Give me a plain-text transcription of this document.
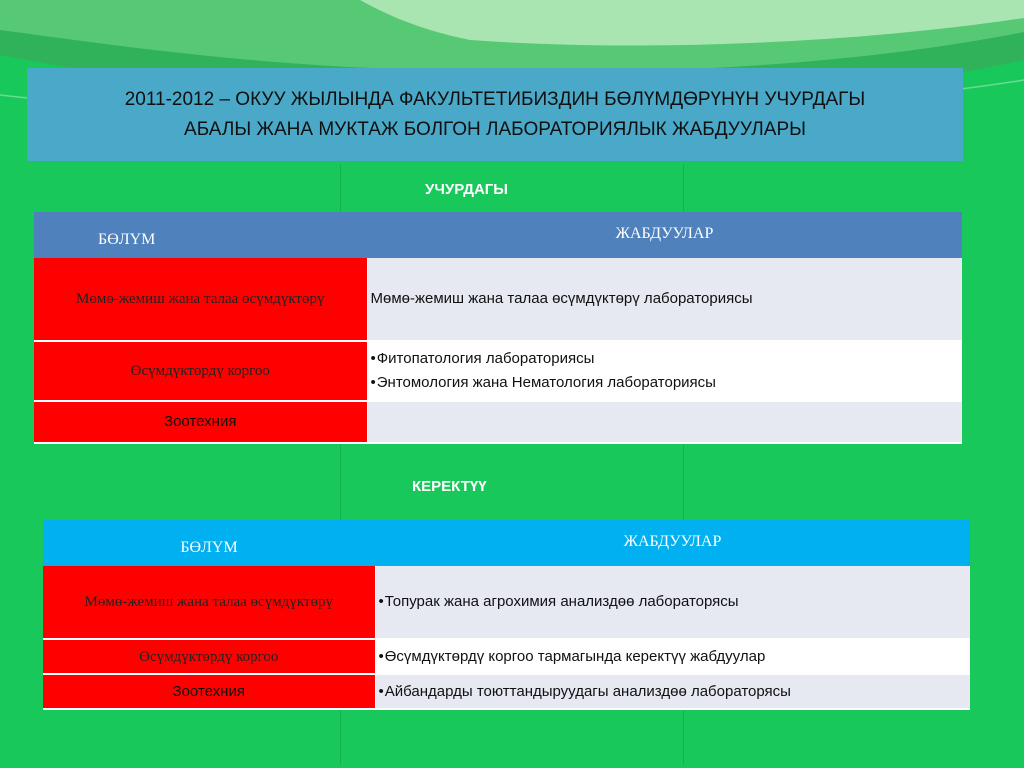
2011-2012 – ОКУУ ЖЫЛЫНДА ФАКУЛЬТЕТИБИЗДИН БӨЛҮМДӨРҮНҮН УЧУРДАГЫ
АБАЛЫ ЖАНА МУКТАЖ БОЛГОН ЛАБОРАТОРИЯЛЫК ЖАБДУУЛАРЫ
УЧУРДАГЫ
БӨЛҮМ	ЖАБДУУЛАР
Мөмө-жемиш жана талаа өсүмдүктөрү	Мөмө-жемиш жана талаа өсүмдүктөрү лабораториясы

Өсүмдүктөрдү коргоо	• Фитопатология лабораториясы
• Энтомология жана Нематология лабораториясы

Зоотехния	
КЕРЕКТҮҮ
БӨЛҮМ	ЖАБДУУЛАР
Мөмө-жемиш жана талаа өсүмдүктөрү	• Топурак жана агрохимия анализдөө лабораторясы

Өсүмдүктөрдү коргоо	• Өсүмдүктөрдү коргоо тармагында керектүү жабдуулар

Зоотехния	• Айбандарды тоюттандыруудагы анализдөө лабораторясы
